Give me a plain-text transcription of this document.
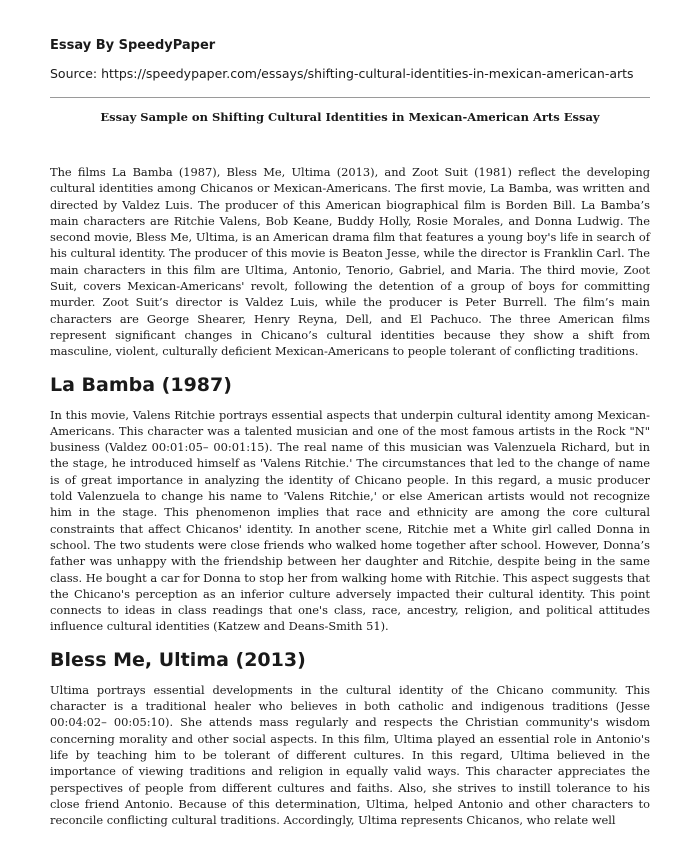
Essay By SpeedyPaper
Source: https://speedypaper.com/essays/shifting-cultural-identities-in-mexican-american-arts
Essay Sample on Shifting Cultural Identities in Mexican-American Arts Essay

The films La Bamba (1987), Bless Me, Ultima (2013), and Zoot Suit (1981) reflect the developing cultural identities among Chicanos or Mexican-Americans. The first movie, La Bamba, was written and directed by Valdez Luis. The producer of this American biographical film is Borden Bill. La Bamba’s main characters are Ritchie Valens, Bob Keane, Buddy Holly, Rosie Morales, and Donna Ludwig. The second movie, Bless Me, Ultima, is an American drama film that features a young boy's life in search of his cultural identity. The producer of this movie is Beaton Jesse, while the director is Franklin Carl. The main characters in this film are Ultima, Antonio, Tenorio, Gabriel, and Maria. The third movie, Zoot Suit, covers Mexican-Americans' revolt, following the detention of a group of boys for committing murder. Zoot Suit’s director is Valdez Luis, while the producer is Peter Burrell. The film’s main characters are George Shearer, Henry Reyna, Dell, and El Pachuco. The three American films represent significant changes in Chicano’s cultural identities because they show a shift from masculine, violent, culturally deficient Mexican-Americans to people tolerant of conflicting traditions.

La Bamba (1987)

In this movie, Valens Ritchie portrays essential aspects that underpin cultural identity among Mexican-Americans. This character was a talented musician and one of the most famous artists in the Rock "N" business (Valdez 00:01:05– 00:01:15). The real name of this musician was Valenzuela Richard, but in the stage, he introduced himself as 'Valens Ritchie.' The circumstances that led to the change of name is of great importance in analyzing the identity of Chicano people. In this regard, a music producer told Valenzuela to change his name to 'Valens Ritchie,' or else American artists would not recognize him in the stage. This phenomenon implies that race and ethnicity are among the core cultural constraints that affect Chicanos' identity. In another scene, Ritchie met a White girl called Donna in school. The two students were close friends who walked home together after school. However, Donna’s father was unhappy with the friendship between her daughter and Ritchie, despite being in the same class. He bought a car for Donna to stop her from walking home with Ritchie. This aspect suggests that the Chicano's perception as an inferior culture adversely impacted their cultural identity. This point connects to ideas in class readings that one's class, race, ancestry, religion, and political attitudes influence cultural identities (Katzew and Deans-Smith 51).

Bless Me, Ultima (2013)

Ultima portrays essential developments in the cultural identity of the Chicano community. This character is a traditional healer who believes in both catholic and indigenous traditions (Jesse 00:04:02– 00:05:10). She attends mass regularly and respects the Christian community's wisdom concerning morality and other social aspects. In this film, Ultima played an essential role in Antonio's life by teaching him to be tolerant of different cultures. In this regard, Ultima believed in the importance of viewing traditions and religion in equally valid ways. This character appreciates the perspectives of people from different cultures and faiths. Also, she strives to instill tolerance to his close friend Antonio. Because of this determination, Ultima, helped Antonio and other characters to reconcile conflicting cultural traditions. Accordingly, Ultima represents Chicanos, who relate well
